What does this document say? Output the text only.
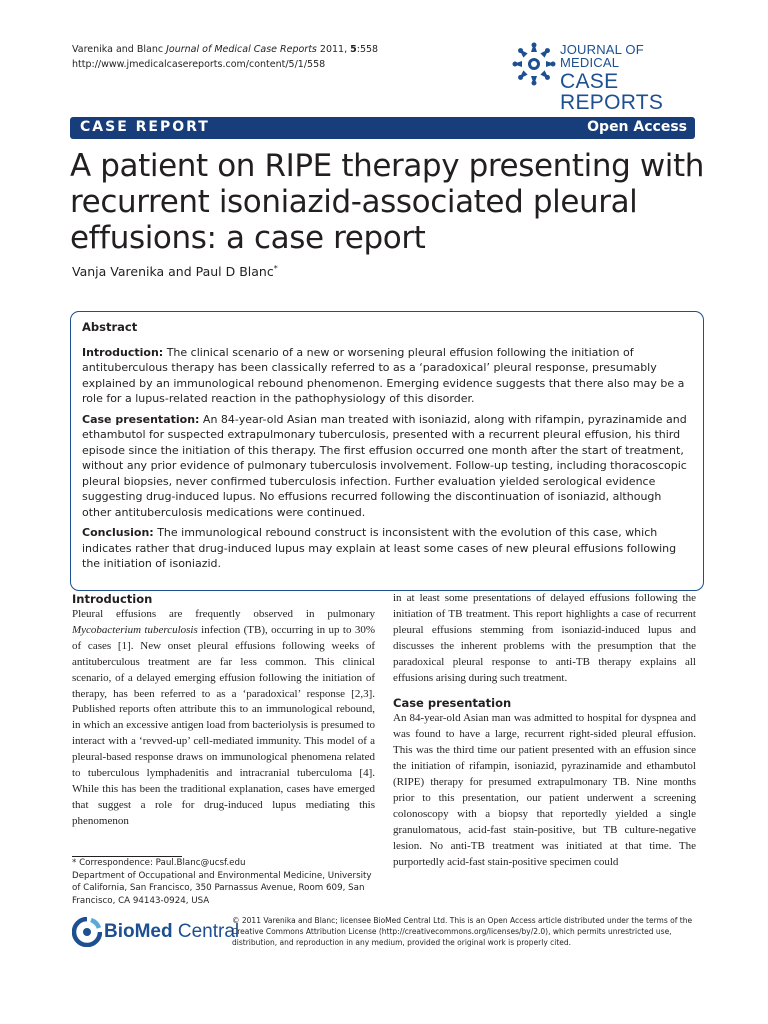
Varenika and Blanc Journal of Medical Case Reports 2011, 5:558
http://www.jmedicalcasereports.com/content/5/1/558
JOURNAL OF MEDICAL
CASE REPORTS
CASE REPORT	Open Access
A patient on RIPE therapy presenting with recurrent isoniazid-associated pleural effusions: a case report
Vanja Varenika and Paul D Blanc*

Abstract

Introduction: The clinical scenario of a new or worsening pleural effusion following the initiation of antituberculous therapy has been classically referred to as a ‘paradoxical’ pleural response, presumably explained by an immunological rebound phenomenon. Emerging evidence suggests that there also may be a role for a lupus-related reaction in the pathophysiology of this disorder.

Case presentation: An 84-year-old Asian man treated with isoniazid, along with rifampin, pyrazinamide and ethambutol for suspected extrapulmonary tuberculosis, presented with a recurrent pleural effusion, his third episode since the initiation of this therapy. The first effusion occurred one month after the start of treatment, without any prior evidence of pulmonary tuberculosis involvement. Follow-up testing, including thoracoscopic pleural biopsies, never confirmed tuberculosis infection. Further evaluation yielded serological evidence suggesting drug-induced lupus. No effusions recurred following the discontinuation of isoniazid, although other antituberculosis medications were continued.

Conclusion: The immunological rebound construct is inconsistent with the evolution of this case, which indicates rather that drug-induced lupus may explain at least some cases of new pleural effusions following the initiation of isoniazid.

Introduction

Pleural effusions are frequently observed in pulmonary Mycobacterium tuberculosis infection (TB), occurring in up to 30% of cases [1]. New onset pleural effusions following weeks of antituberculous treatment are far less common. This clinical scenario, of a delayed emerging effusion following the initiation of therapy, has been referred to as a ‘paradoxical’ response [2,3]. Published reports often attribute this to an immunological rebound, in which an excessive antigen load from bacteriolysis is presumed to interact with a ‘revved-up’ cell-mediated immunity. This model of a pleural-based response draws on immunological phenomena related to tuberculous lymphadenitis and intracranial tuberculoma [4]. While this has been the traditional explanation, cases have emerged that suggest a role for drug-induced lupus mediating this phenomenon

in at least some presentations of delayed effusions following the initiation of TB treatment. This report highlights a case of recurrent pleural effusions stemming from isoniazid-induced lupus and discusses the inherent problems with the presumption that the paradoxical pleural response to anti-TB therapy explains all effusions arising during such treatment.

Case presentation

An 84-year-old Asian man was admitted to hospital for dyspnea and was found to have a large, recurrent right-sided pleural effusion. This was the third time our patient presented with an effusion since the initiation of rifampin, isoniazid, pyrazinamide and ethambutol (RIPE) therapy for presumed extrapulmonary TB. Nine months prior to this presentation, our patient underwent a screening colonoscopy with a biopsy that reportedly yielded a single granulomatous, acid-fast stain-positive, but TB culture-negative lesion. No anti-TB treatment was initiated at that time. The purportedly acid-fast stain-positive specimen could

* Correspondence: Paul.Blanc@ucsf.edu

Department of Occupational and Environmental Medicine, University of California, San Francisco, 350 Parnassus Avenue, Room 609, San Francisco, CA 94143-0924, USA

BioMed Central
© 2011 Varenika and Blanc; licensee BioMed Central Ltd. This is an Open Access article distributed under the terms of the Creative Commons Attribution License (http://creativecommons.org/licenses/by/2.0), which permits unrestricted use, distribution, and reproduction in any medium, provided the original work is properly cited.
